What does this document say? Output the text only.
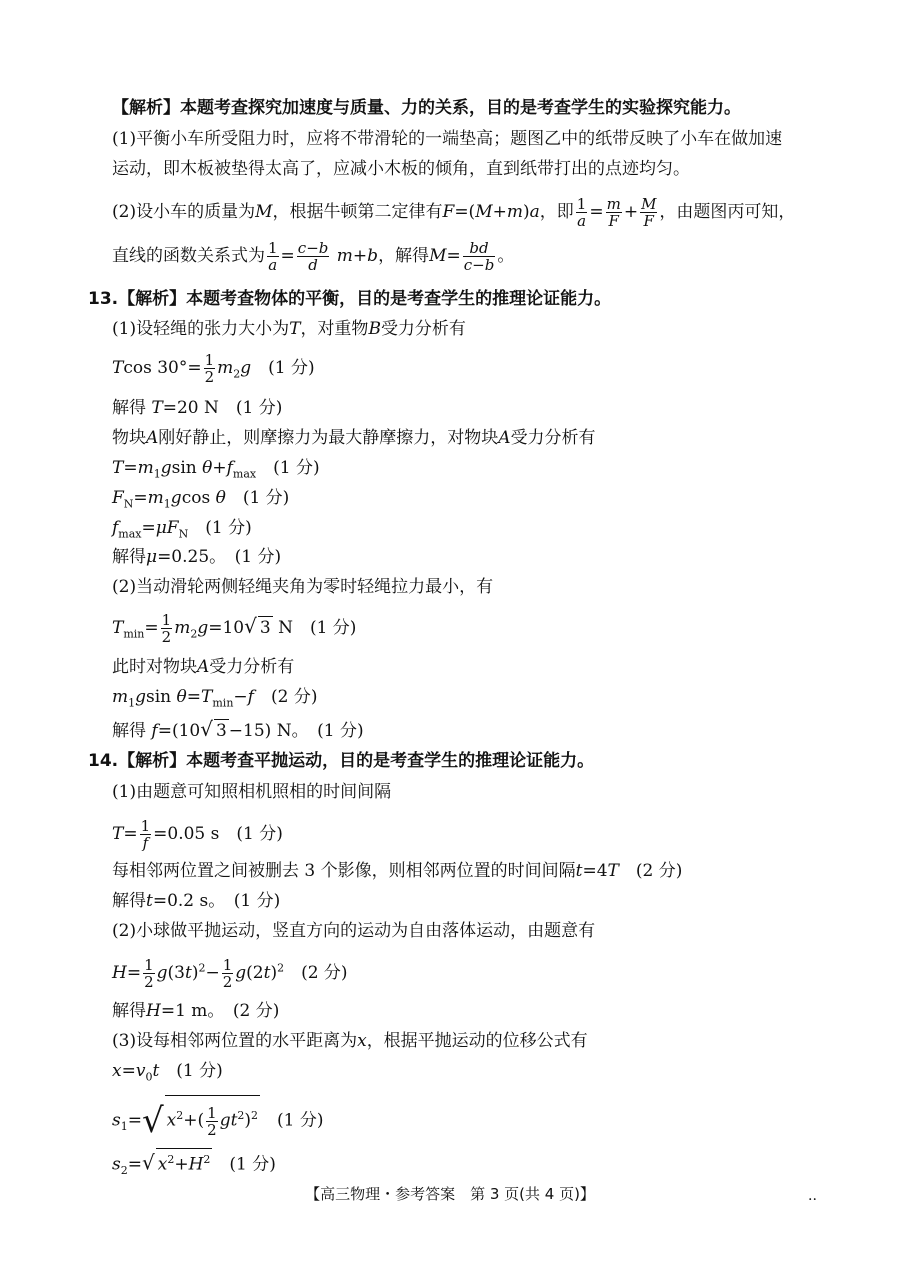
【解析】本题考查探究加速度与质量、力的关系，目的是考查学生的实验探究能力。
(1)平衡小车所受阻力时，应将不带滑轮的一端垫高；题图乙中的纸带反映了小车在做加速
运动，即木板被垫得太高了，应减小木板的倾角，直到纸带打出的点迹均匀。
(2)设小车的质量为M，根据牛顿第二定律有F=(M+m)a，即 $\frac{1}{a} = \frac{m}{F} + \frac{M}{F}$ ，由题图丙可知，
直线的函数关系式为 $\frac{1}{a} = \frac{c-b}{d} m+b$，解得$M= \frac{bd}{c-b}$ 。
13.【解析】本题考查物体的平衡，目的是考查学生的推理论证能力。
(1)设轻绳的张力大小为T，对重物B受力分析有
Tcos $30^\circ= \frac{1}{2} m_2g$　 (1 分)
解得 T=20 N　(1 分)
物块A刚好静止，则摩擦力为最大静摩擦力，对物块A受力分析有
$T=m_1gsin$ $\theta+f_{max}$　 (1 分)
$F_N=m_1gcos$ θ　 (1 分)
$f_{max}=\mu F_N$　 (1 分)
解得μ=0.25。　(1 分)
(2)当动滑轮两侧轻绳夹角为零时轻绳拉力最小，有
$T_{min}= \frac{1}{2} m_2g=10√$ 3 N　(1 分)
此时对物块A受力分析有
$m_1gsin$ $\theta=T_{min}-f$　 (2 分)
解得 f=(10√ 3 −15) N。　(1 分)
14.【解析】本题考查平抛运动，目的是考查学生的推理论证能力。
(1)由题意可知照相机照相的时间间隔
$T= \frac{1}{f} =0.05$ s　(1 分)
每相邻两位置之间被删去 3 个影像，则相邻两位置的时间间隔t=4T　 (2 分)
解得t=0.2 s。　(1 分)
(2)小球做平抛运动，竖直方向的运动为自由落体运动，由题意有
$H= \frac{1}{2} g(3t)^2- \frac{1}{2} g(2t)^2$　 (2 分)
解得H=1 m。　(2 分)
(3)设每相邻两位置的水平距离为x，根据平抛运动的位移公式有
$x=v_0t$　 (1 分)
$s_1=√$ $x^2+( \frac{1}{2} gt^2)^2$　 (1 分)
$s_2=√$ $x^2+H^2$　 (1 分)
【高三物理・参考答案　第 3 页(共 4 页)】	..
